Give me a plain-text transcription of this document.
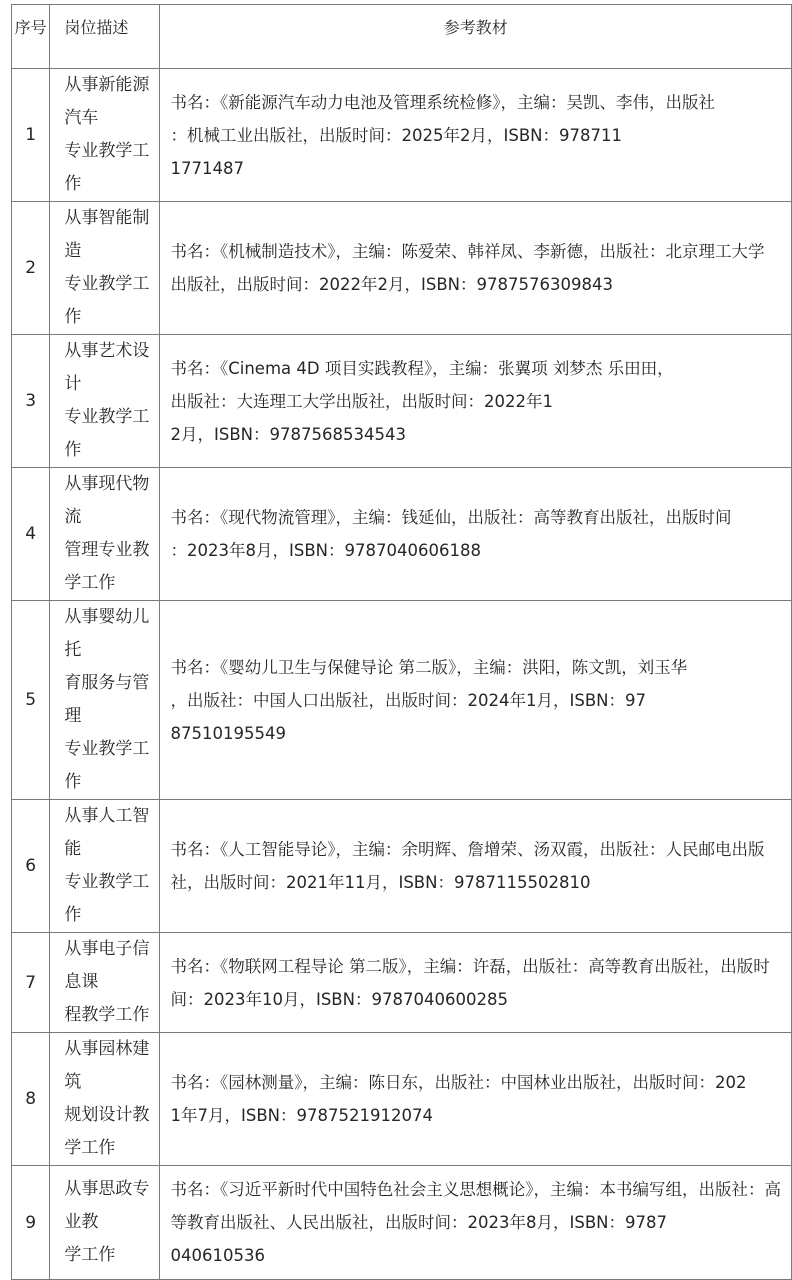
序号	岗位描述	参考教材
1	从事新能源汽车
专业教学工作	书名：《新能源汽车动力电池及管理系统检修》，主编：吴凯、李伟，出版社
：机械工业出版社，出版时间：2025年2月，ISBN：978711
1771487

2	从事智能制造
专业教学工作	书名：《机械制造技术》，主编：陈爱荣、韩祥凤、李新德，出版社：北京理工大学
出版社，出版时间：2022年2月，ISBN：9787576309843

3	从事艺术设计
专业教学工作	书名：《Cinema 4D 项目实践教程》，主编：张翼项 刘梦杰 乐田田，
出版社：大连理工大学出版社，出版时间：2022年1
2月，ISBN：9787568534543

4	从事现代物流
管理专业教学工作	书名：《现代物流管理》，主编：钱延仙，出版社：高等教育出版社，出版时间
：2023年8月，ISBN：9787040606188

5	从事婴幼儿托
育服务与管理
专业教学工作	书名：《婴幼儿卫生与保健导论 第二版》，主编：洪阳，陈文凯，刘玉华
，出版社：中国人口出版社，出版时间：2024年1月，ISBN：97
87510195549

6	从事人工智能
专业教学工作	书名：《人工智能导论》，主编：余明辉、詹增荣、汤双霞，出版社：人民邮电出版
社，出版时间：2021年11月，ISBN：9787115502810

7	从事电子信息课
程教学工作	书名：《物联网工程导论 第二版》，主编：许磊，出版社：高等教育出版社，出版时
间：2023年10月，ISBN：9787040600285

8	从事园林建筑
规划设计教学工作	书名：《园林测量》，主编：陈日东，出版社：中国林业出版社，出版时间：202
1年7月，ISBN：9787521912074

9	从事思政专业教
学工作	书名：《习近平新时代中国特色社会主义思想概论》，主编：本书编写组，出版社：高
等教育出版社、人民出版社，出版时间：2023年8月，ISBN：9787
040610536
